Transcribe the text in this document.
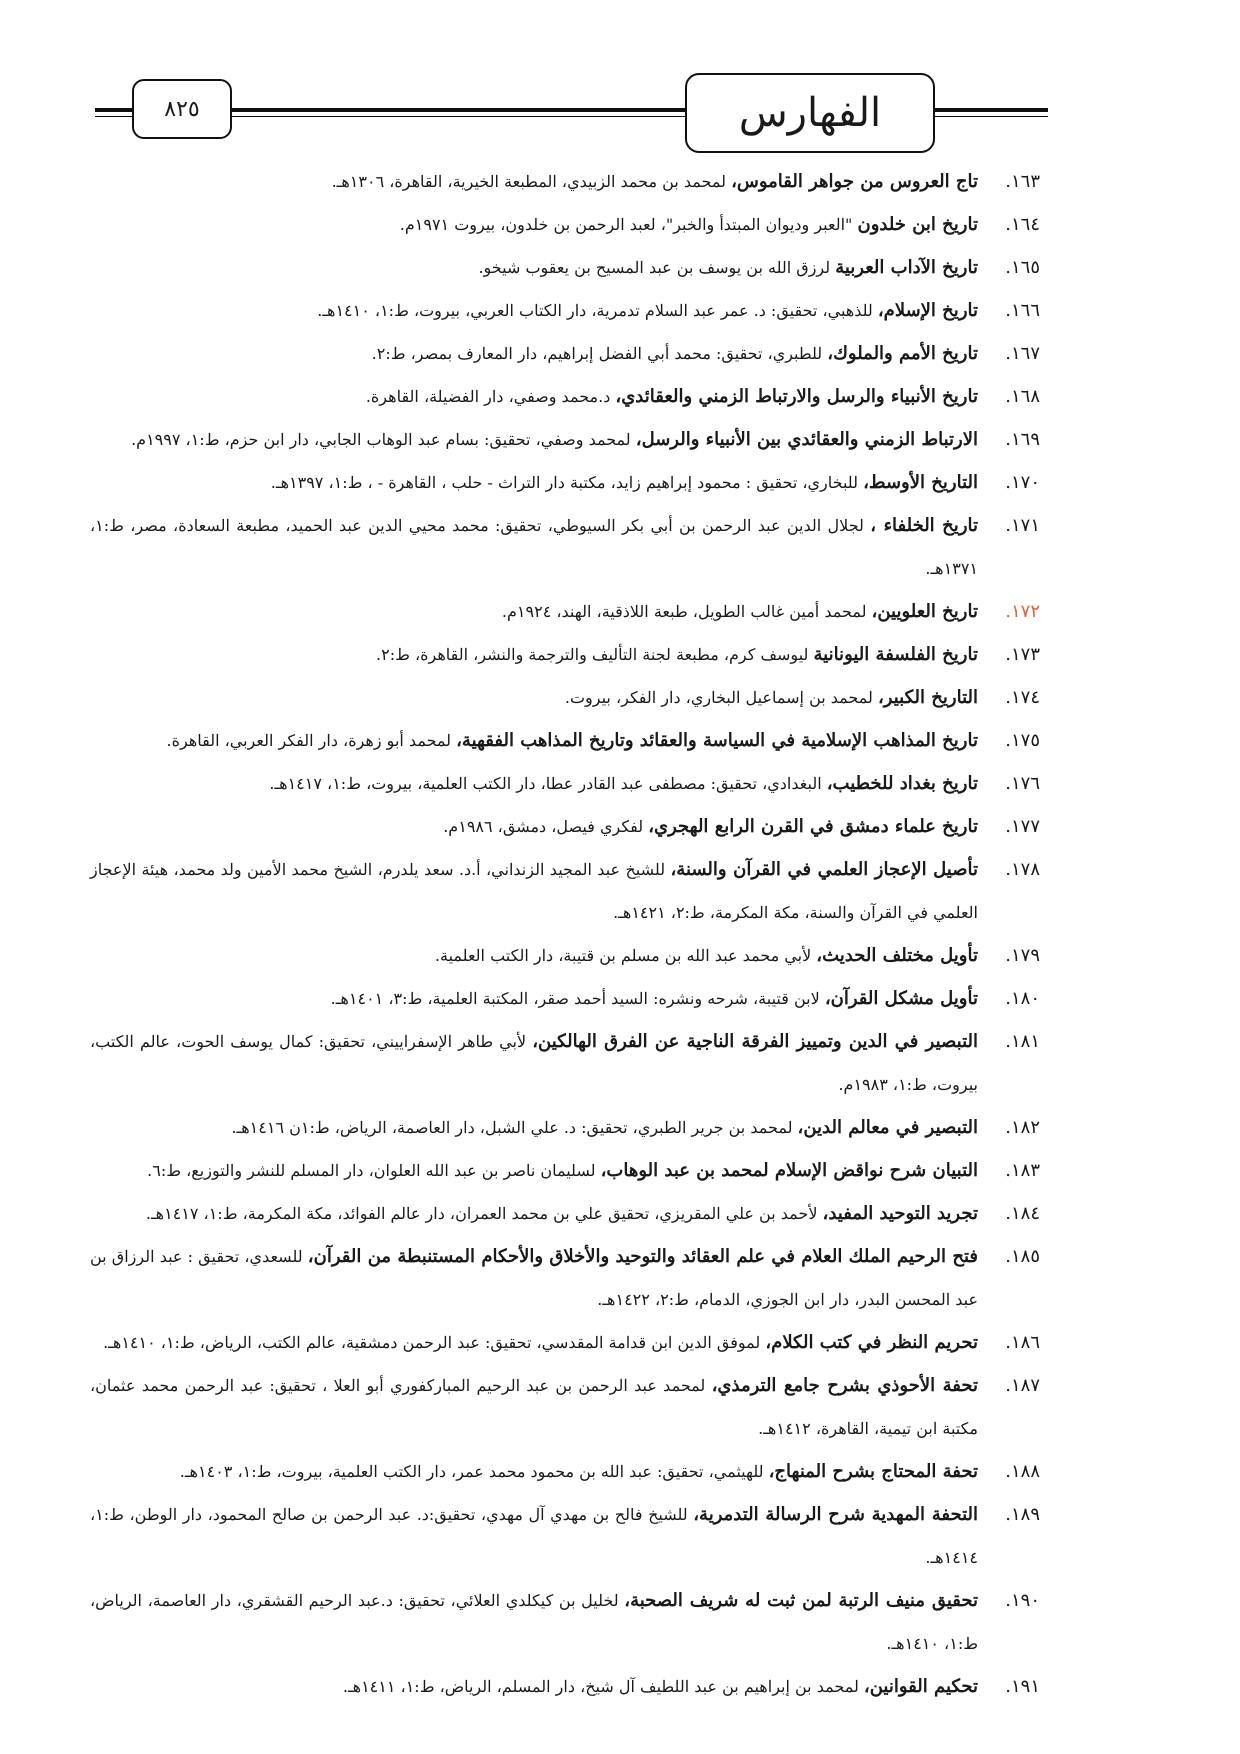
٨٢٥	الفهارس
١٦٣.
تاج العروس من جواهر القاموس، لمحمد بن محمد الزبيدي، المطبعة الخيرية، القاهرة، ١٣٠٦هـ.
١٦٤.
تاريخ ابن خلدون "العبر وديوان المبتدأ والخبر"، لعبد الرحمن بن خلدون، بيروت ١٩٧١م.
١٦٥.
تاريخ الآداب العربية لرزق الله بن يوسف بن عبد المسيح بن يعقوب شيخو.
١٦٦.
تاريخ الإسلام، للذهبي، تحقيق: د. عمر عبد السلام تدمرية، دار الكتاب العربي، بيروت، ط:١، ١٤١٠هـ.
١٦٧.
تاريخ الأمم والملوك، للطبري، تحقيق: محمد أبي الفضل إبراهيم، دار المعارف بمصر، ط:٢.
١٦٨.
تاريخ الأنبياء والرسل والارتباط الزمني والعقائدي، د.محمد وصفي، دار الفضيلة، القاهرة.
١٦٩.
الارتباط الزمني والعقائدي بين الأنبياء والرسل، لمحمد وصفي، تحقيق: بسام عبد الوهاب الجابي، دار ابن حزم، ط:١، ١٩٩٧م.
١٧٠.
التاريخ الأوسط، للبخاري، تحقيق : محمود إبراهيم زايد، مكتبة دار التراث - حلب ، القاهرة - ، ط:١، ١٣٩٧هـ.
١٧١.
تاريخ الخلفاء ، لجلال الدين عبد الرحمن بن أبي بكر السيوطي، تحقيق: محمد محيي الدين عبد الحميد، مطبعة السعادة، مصر، ط:١، ١٣٧١هـ.
١٧٢.
تاريخ العلويين، لمحمد أمين غالب الطويل، طبعة اللاذقية، الهند، ١٩٢٤م.
١٧٣.
تاريخ الفلسفة اليونانية ليوسف كرم، مطبعة لجنة التأليف والترجمة والنشر، القاهرة، ط:٢.
١٧٤.
التاريخ الكبير، لمحمد بن إسماعيل البخاري، دار الفكر، بيروت.
١٧٥.
تاريخ المذاهب الإسلامية في السياسة والعقائد وتاريخ المذاهب الفقهية، لمحمد أبو زهرة، دار الفكر العربي، القاهرة.
١٧٦.
تاريخ بغداد للخطيب، البغدادي، تحقيق: مصطفى عبد القادر عطا، دار الكتب العلمية، بيروت، ط:١، ١٤١٧هـ.
١٧٧.
تاريخ علماء دمشق في القرن الرابع الهجري، لفكري فيصل، دمشق، ١٩٨٦م.
١٧٨.
تأصيل الإعجاز العلمي في القرآن والسنة، للشيخ عبد المجيد الزنداني، أ.د. سعد يلدرم، الشيخ محمد الأمين ولد محمد، هيئة الإعجاز العلمي في القرآن والسنة، مكة المكرمة، ط:٢، ١٤٢١هـ.
١٧٩.
تأويل مختلف الحديث، لأبي محمد عبد الله بن مسلم بن قتيبة، دار الكتب العلمية.
١٨٠.
تأويل مشكل القرآن، لابن قتيبة، شرحه ونشره: السيد أحمد صقر، المكتبة العلمية، ط:٣، ١٤٠١هـ.
١٨١.
التبصير في الدين وتمييز الفرقة الناجية عن الفرق الهالكين، لأبي طاهر الإسفراييني، تحقيق: كمال يوسف الحوت، عالم الكتب، بيروت، ط:١، ١٩٨٣م.
١٨٢.
التبصير في معالم الدين، لمحمد بن جرير الطبري، تحقيق: د. علي الشبل، دار العاصمة، الرياض، ط:١ن ١٤١٦هـ.
١٨٣.
التبيان شرح نواقض الإسلام لمحمد بن عبد الوهاب، لسليمان ناصر بن عبد الله العلوان، دار المسلم للنشر والتوزيع، ط:٦.
١٨٤.
تجريد التوحيد المفيد، لأحمد بن علي المقريزي، تحقيق علي بن محمد العمران، دار عالم الفوائد، مكة المكرمة، ط:١، ١٤١٧هـ.
١٨٥.
فتح الرحيم الملك العلام في علم العقائد والتوحيد والأخلاق والأحكام المستنبطة من القرآن، للسعدي، تحقيق : عبد الرزاق بن عبد المحسن البدر، دار ابن الجوزي، الدمام، ط:٢، ١٤٢٢هـ.
١٨٦.
تحريم النظر في كتب الكلام، لموفق الدين ابن قدامة المقدسي، تحقيق: عبد الرحمن دمشقية، عالم الكتب، الرياض، ط:١، ١٤١٠هـ.
١٨٧.
تحفة الأحوذي بشرح جامع الترمذي، لمحمد عبد الرحمن بن عبد الرحيم المباركفوري أبو العلا ، تحقيق: عبد الرحمن محمد عثمان، مكتبة ابن تيمية، القاهرة، ١٤١٢هـ.
١٨٨.
تحفة المحتاج بشرح المنهاج، للهيثمي، تحقيق: عبد الله بن محمود محمد عمر، دار الكتب العلمية، بيروت، ط:١، ١٤٠٣هـ.
١٨٩.
التحفة المهدية شرح الرسالة التدمرية، للشيخ فالح بن مهدي آل مهدي، تحقيق:د. عبد الرحمن بن صالح المحمود، دار الوطن، ط:١، ١٤١٤هـ.
١٩٠.
تحقيق منيف الرتبة لمن ثبت له شريف الصحبة، لخليل بن كيكلدي العلائي، تحقيق: د.عبد الرحيم القشقري، دار العاصمة، الرياض، ط:١، ١٤١٠هـ.
١٩١.
تحكيم القوانين، لمحمد بن إبراهيم بن عبد اللطيف آل شيخ، دار المسلم، الرياض، ط:١، ١٤١١هـ.
